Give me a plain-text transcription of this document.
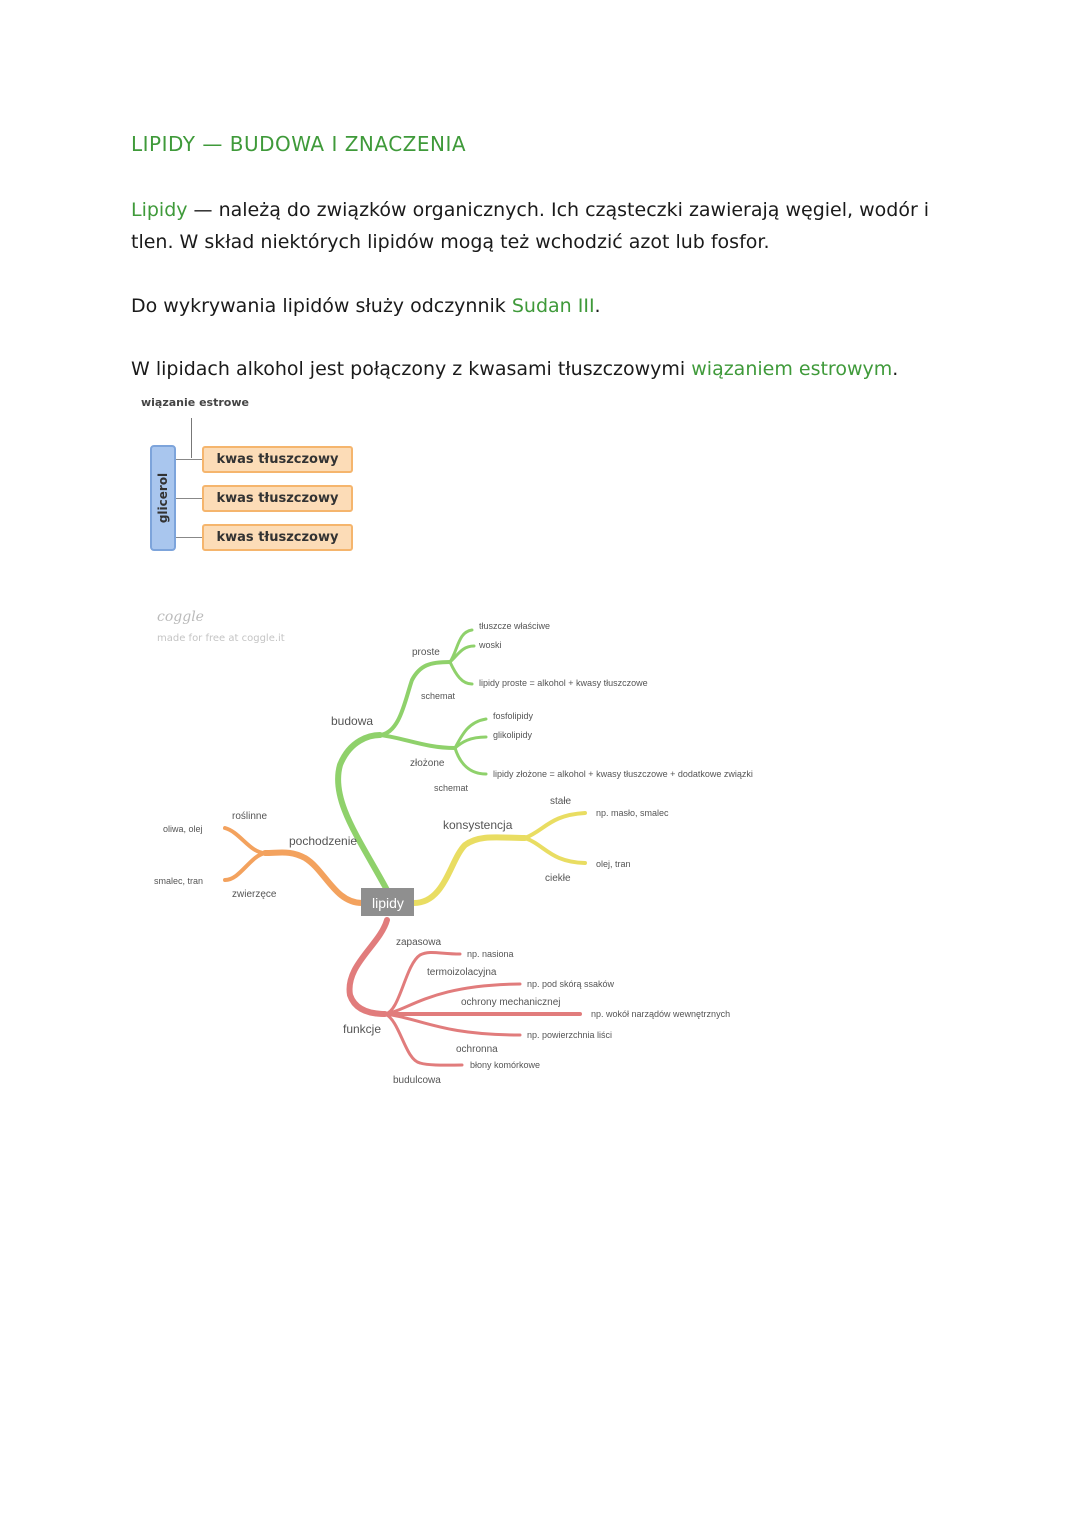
LIPIDY — BUDOWA I ZNACZENIA
Lipidy — należą do związków organicznych. Ich cząsteczki zawierają węgiel, wodór i tlen. W skład niektórych lipidów mogą też wchodzić azot lub fosfor.
Do wykrywania lipidów służy odczynnik Sudan III.
W lipidach alkohol jest połączony z kwasami tłuszczowymi wiązaniem estrowym.
wiązanie estrowe
glicerol
kwas tłuszczowy
kwas tłuszczowy
kwas tłuszczowy
coggle
made for free at coggle.it
lipidy
budowa
proste
tłuszcze właściwe
woski
schemat
lipidy proste = alkohol + kwasy tłuszczowe
złożone
fosfolipidy
glikolipidy
schemat
lipidy złożone = alkohol + kwasy tłuszczowe + dodatkowe związki
pochodzenie
roślinne
oliwa, olej
zwierzęce
smalec, tran
konsystencja
stałe
np. masło, smalec
ciekłe
olej, tran
funkcje
zapasowa
np. nasiona
termoizolacyjna
np. pod skórą ssaków
ochrony mechanicznej
np. wokół narządów wewnętrznych
np. powierzchnia liści
ochronna
błony komórkowe
budulcowa
